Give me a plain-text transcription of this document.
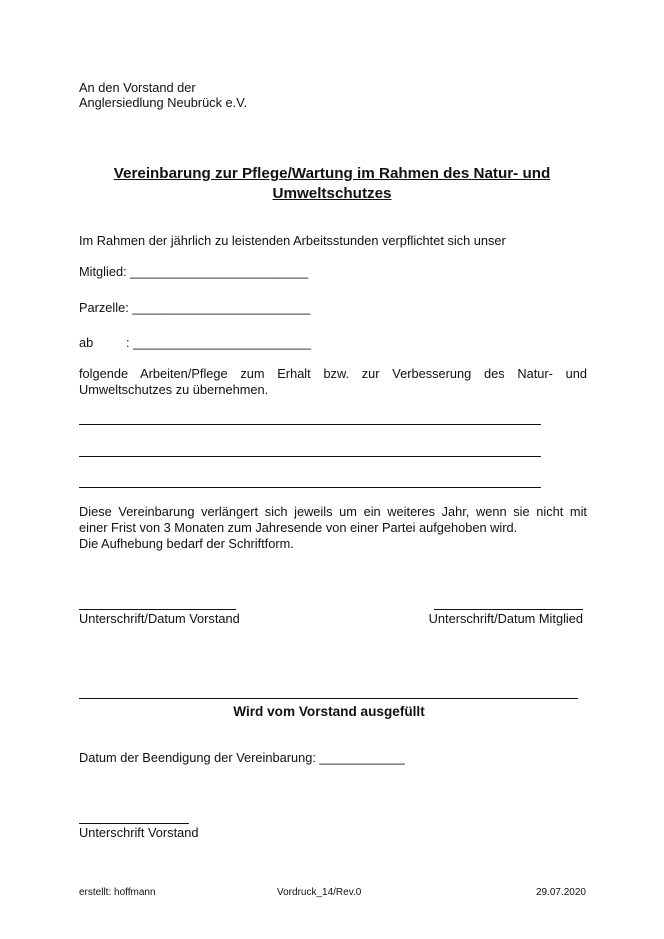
An den Vorstand der
Anglersiedlung Neubrück e.V.
Vereinbarung zur Pflege/Wartung im Rahmen des Natur- und
Umweltschutzes
Im Rahmen der jährlich zu leistenden Arbeitsstunden verpflichtet sich unser
Mitglied: _________________________
Parzelle: _________________________
ab	: _________________________
folgende Arbeiten/Pflege zum Erhalt bzw. zur Verbesserung des Natur- und
Umweltschutzes zu übernehmen.
Diese Vereinbarung verlängert sich jeweils um ein weiteres Jahr, wenn sie nicht mit
einer Frist von 3 Monaten zum Jahresende von einer Partei aufgehoben wird.
Die Aufhebung bedarf der Schriftform.
Unterschrift/Datum Vorstand	Unterschrift/Datum Mitglied
Wird vom Vorstand ausgefüllt
Datum der Beendigung der Vereinbarung: ____________
Unterschrift Vorstand
erstellt: hoffmann	Vordruck_14/Rev.0	29.07.2020
